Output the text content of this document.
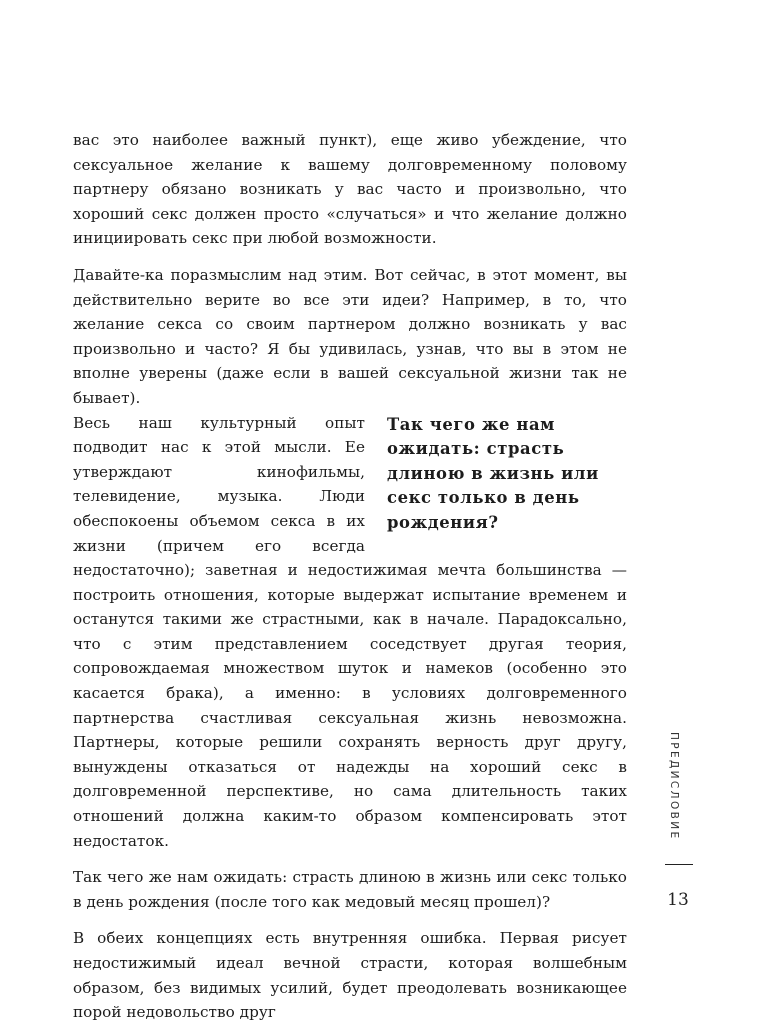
вас это наиболее важный пункт), еще живо убеждение, что сексуальное желание к вашему долговременному половому партнеру обязано возникать у вас часто и произвольно, что хороший секс должен просто «случаться» и что желание должно инициировать секс при любой возможности.

Давайте-ка поразмыслим над этим. Вот сейчас, в этот момент, вы действительно верите во все эти идеи? Например, в то, что желание секса со своим партнером должно возникать у вас произвольно и часто? Я бы удивилась, узнав, что вы в этом не вполне уверены (даже если в вашей сексуальной жизни так не бывает).

Так чего же нам ожидать: страсть длиною в жизнь или секс только в день рождения?

Весь наш культурный опыт подводит нас к этой мысли. Ее утверждают кинофильмы, телевидение, музыка. Люди обеспокоены объемом секса в их жизни (причем его всегда недостаточно); заветная и недостижимая мечта большинства — построить отношения, которые выдержат испытание временем и останутся такими же страстными, как в начале. Парадоксально, что с этим представлением соседствует другая теория, сопровождаемая множеством шуток и намеков (особенно это касается брака), а именно: в условиях долговременного партнерства счастливая сексуальная жизнь невозможна. Партнеры, которые решили сохранять верность друг другу, вынуждены отказаться от надежды на хороший секс в долговременной перспективе, но сама длительность таких отношений должна каким-то образом компенсировать этот недостаток.

Так чего же нам ожидать: страсть длиною в жизнь или секс только в день рождения (после того как медовый месяц прошел)?

В обеих концепциях есть внутренняя ошибка. Первая рисует недостижимый идеал вечной страсти, которая волшебным образом, без видимых усилий, будет преодолевать возникающее порой недовольство друг

ПРЕДИСЛОВИЕ
13
